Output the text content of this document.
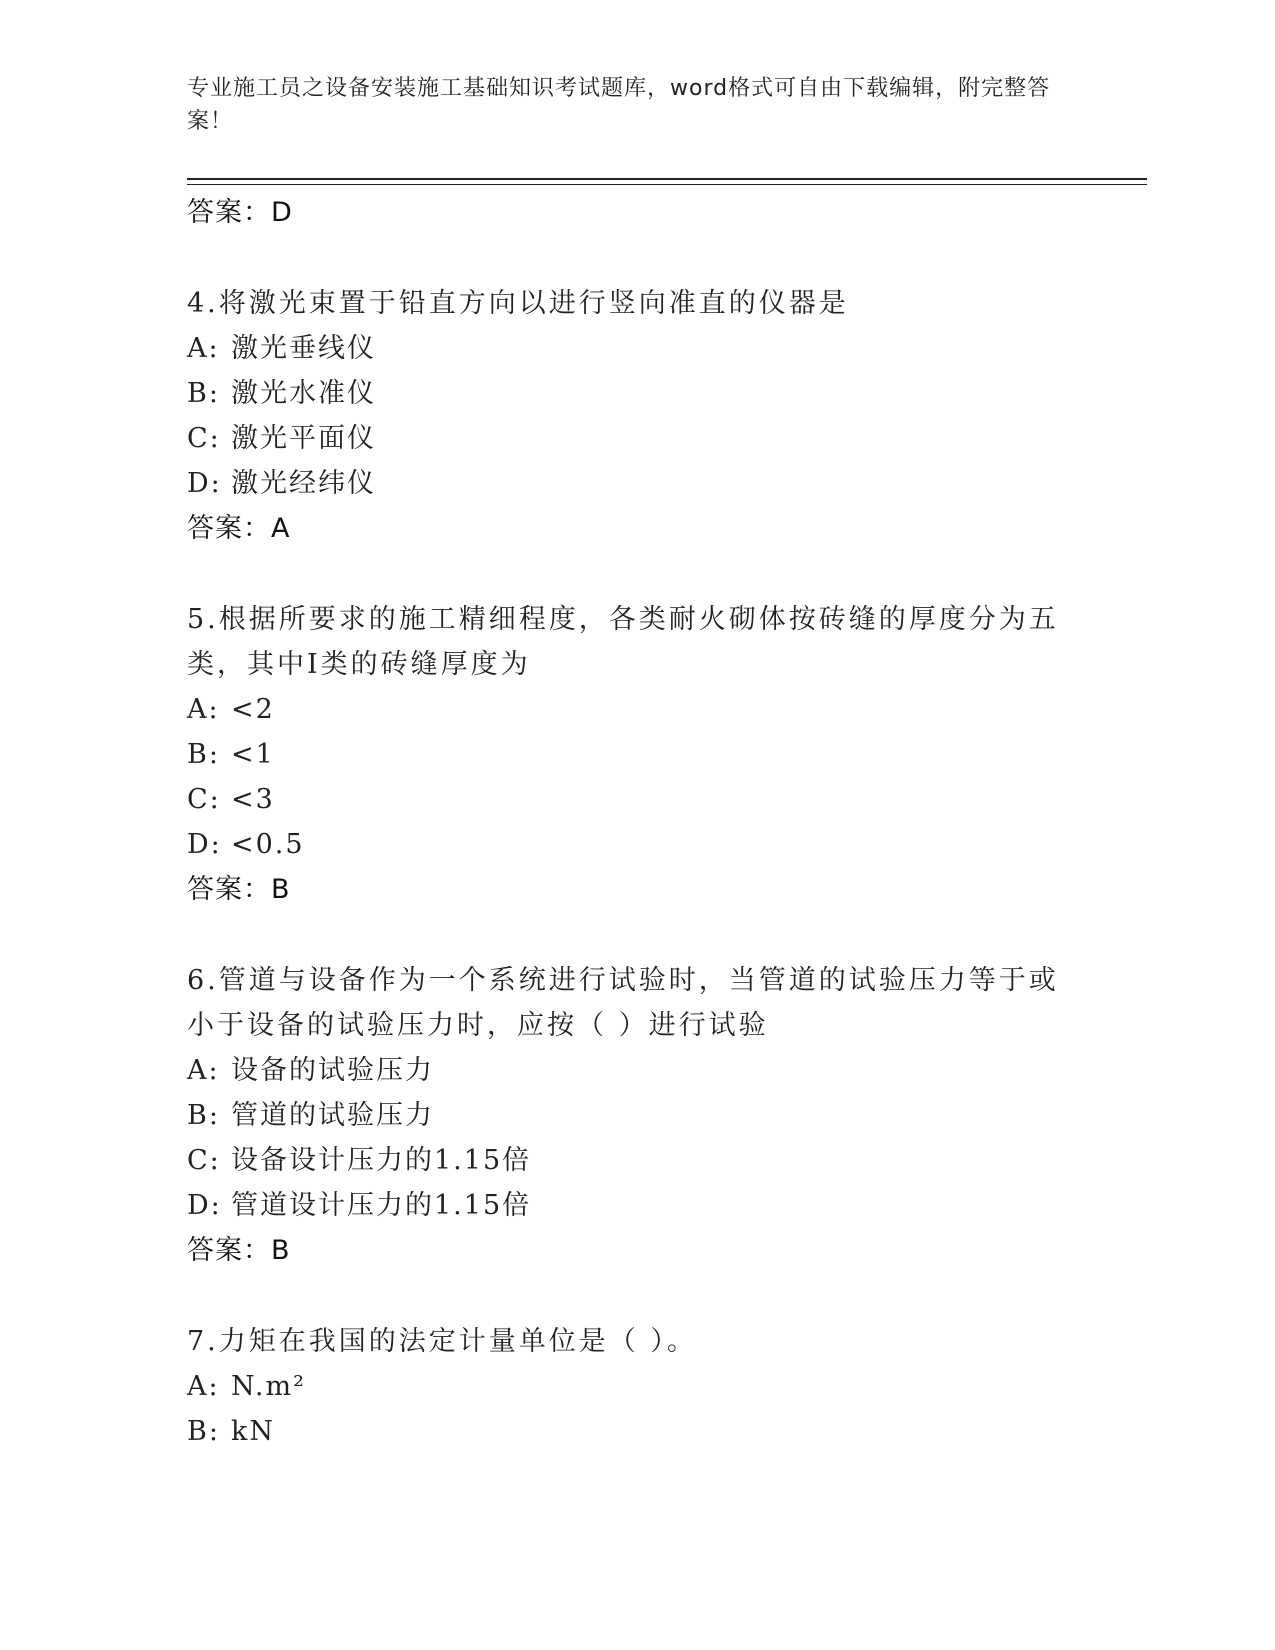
专业施工员之设备安装施工基础知识考试题库，word格式可自由下载编辑，附完整答案！
答案：D
4.将激光束置于铅直方向以进行竖向准直的仪器是
A: 激光垂线仪
B: 激光水准仪
C: 激光平面仪
D: 激光经纬仪
答案：A
5.根据所要求的施工精细程度，各类耐火砌体按砖缝的厚度分为五类，其中Ⅰ类的砖缝厚度为
A: <2
B: <1
C: <3
D: <0.5
答案：B
6.管道与设备作为一个系统进行试验时，当管道的试验压力等于或小于设备的试验压力时，应按（ ）进行试验
A: 设备的试验压力
B: 管道的试验压力
C: 设备设计压力的1.15倍
D: 管道设计压力的1.15倍
答案：B
7.力矩在我国的法定计量单位是（ ）。
A: N.m²
B: kN
